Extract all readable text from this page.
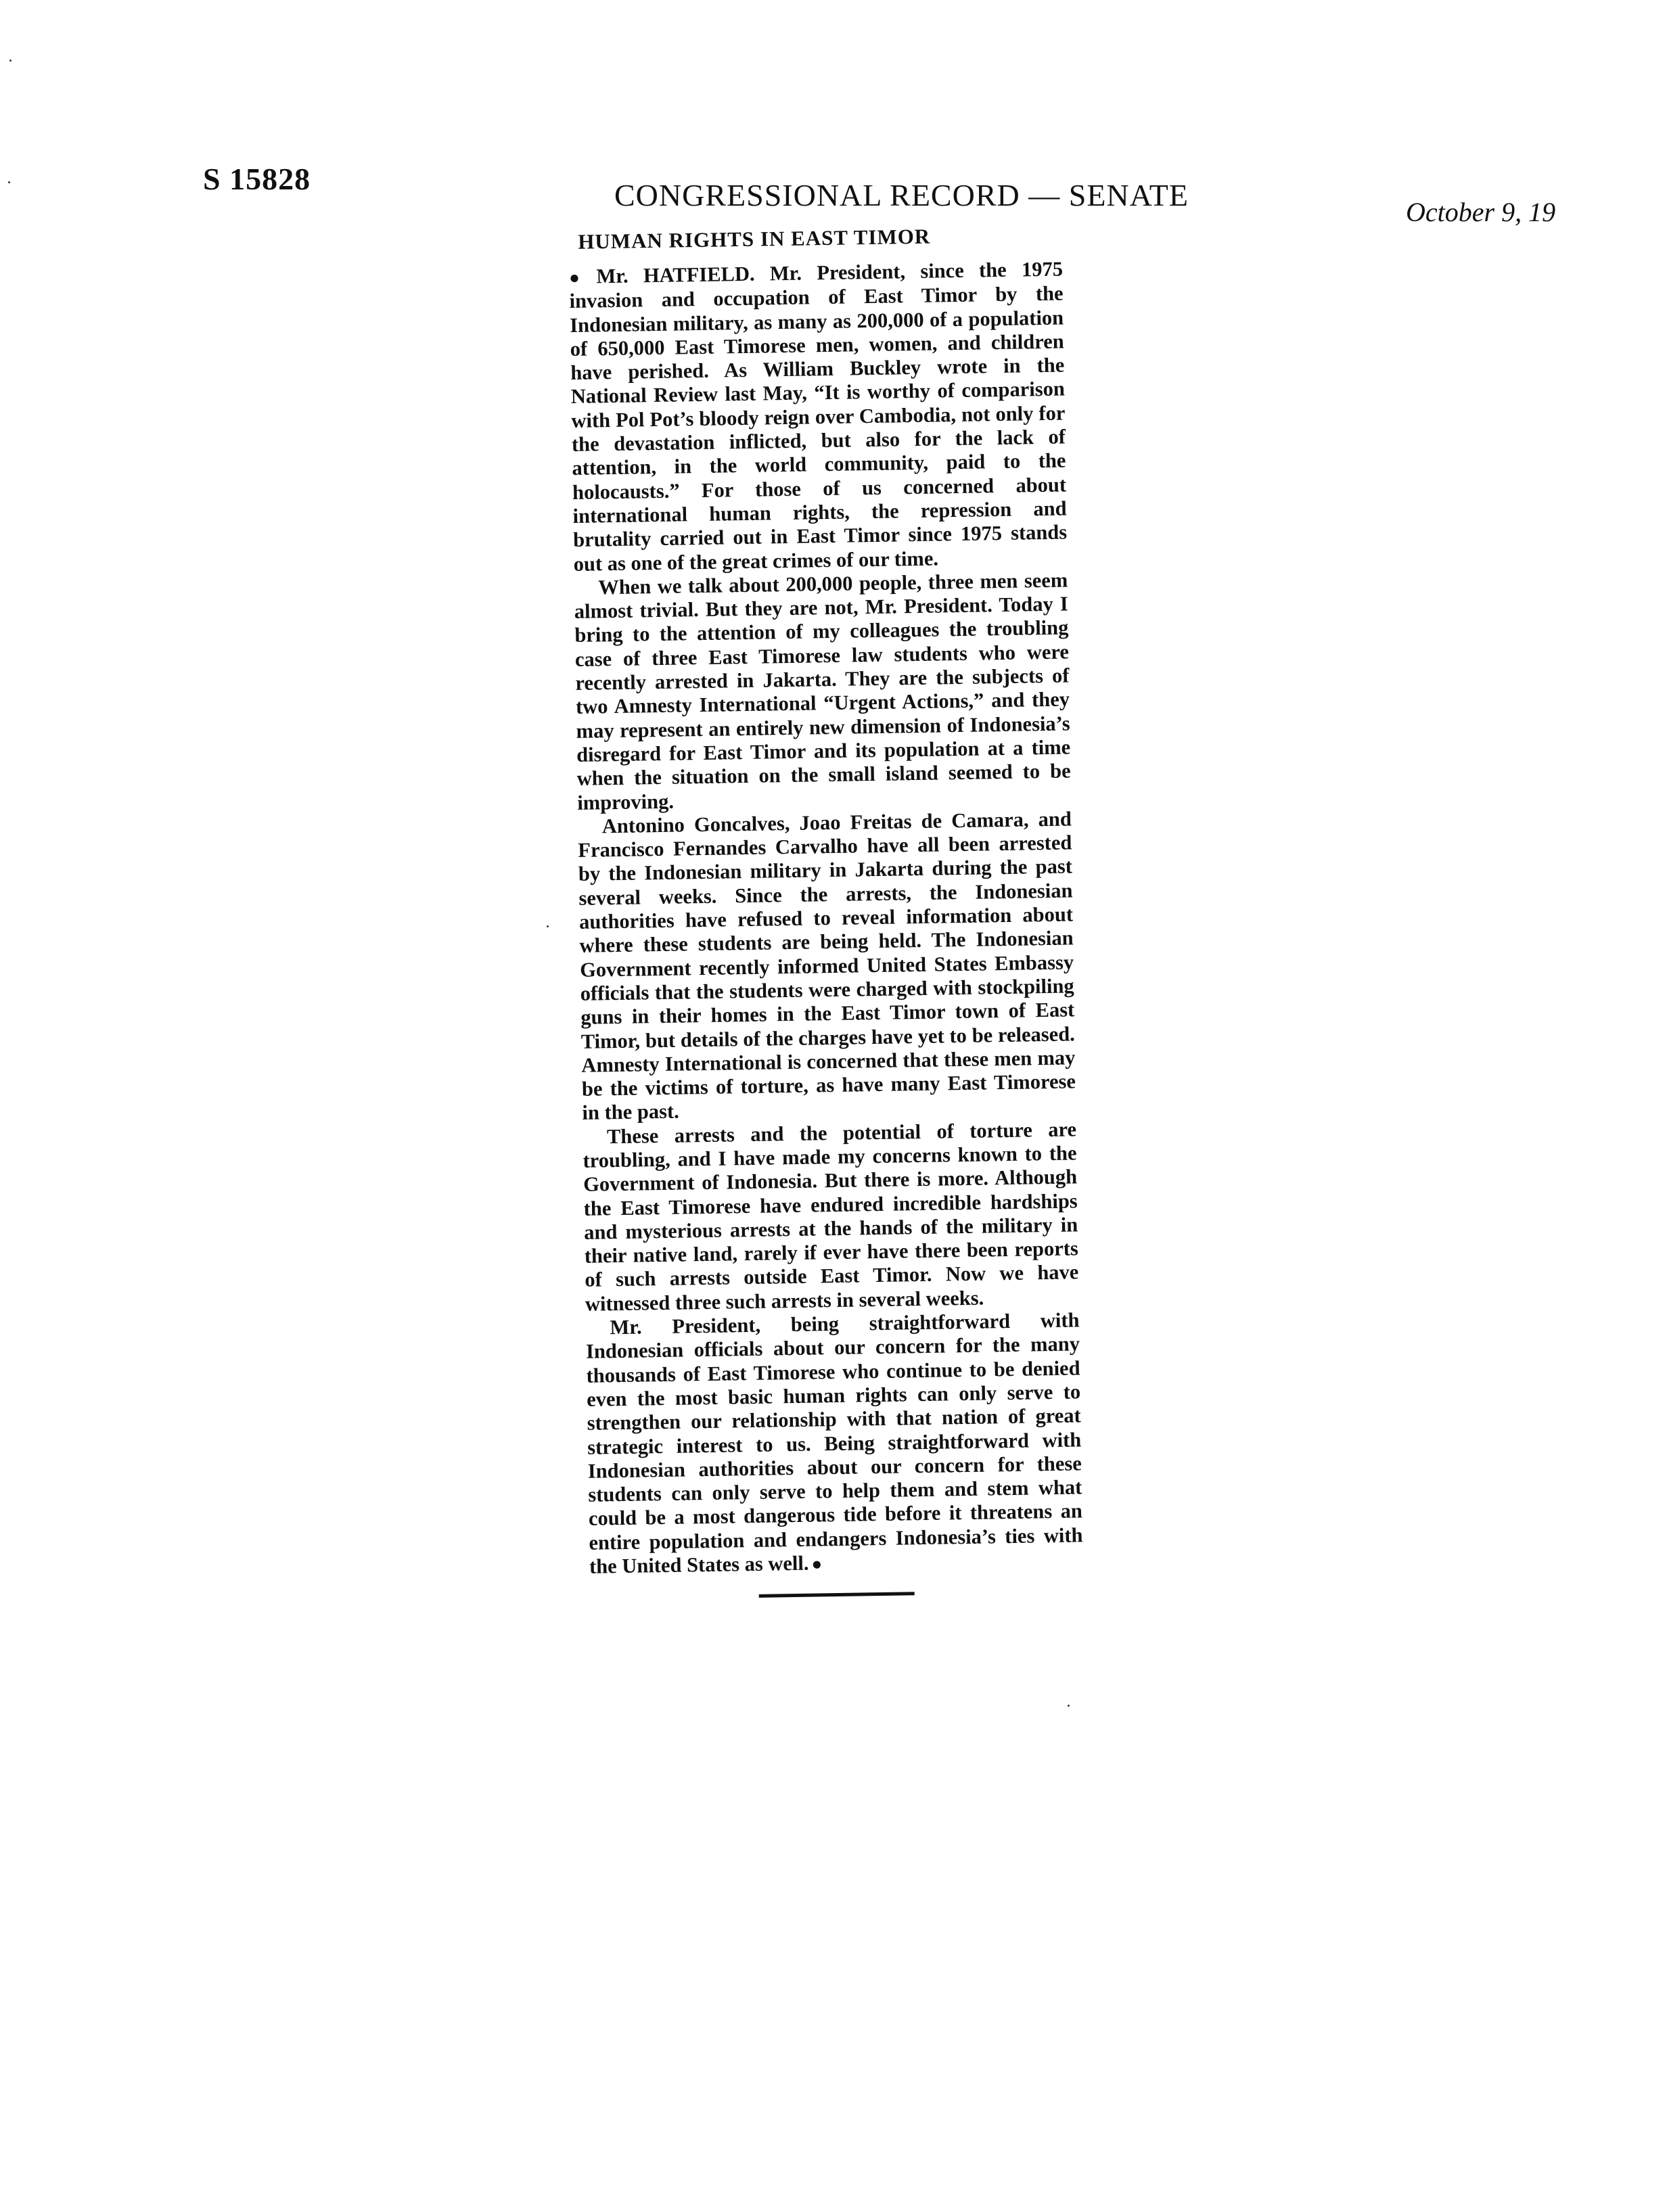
S 15828	CONGRESSIONAL RECORD — SENATE	October 9, 19
HUMAN RIGHTS IN EAST TIMOR

● Mr. HATFIELD. Mr. President, since the 1975 invasion and occupation of East Timor by the Indonesian military, as many as 200,000 of a population of 650,000 East Timorese men, women, and children have perished. As William Buckley wrote in the National Review last May, “It is worthy of comparison with Pol Pot’s bloody reign over Cambodia, not only for the devastation inflicted, but also for the lack of attention, in the world community, paid to the holocausts.” For those of us concerned about international human rights, the repression and brutality carried out in East Timor since 1975 stands out as one of the great crimes of our time.

When we talk about 200,000 people, three men seem almost trivial. But they are not, Mr. President. Today I bring to the attention of my colleagues the troubling case of three East Timorese law students who were recently arrested in Jakarta. They are the subjects of two Amnesty International “Urgent Actions,” and they may represent an entirely new dimension of Indonesia’s disregard for East Timor and its population at a time when the situation on the small island seemed to be improving.

Antonino Goncalves, Joao Freitas de Camara, and Francisco Fernandes Carvalho have all been arrested by the Indonesian military in Jakarta during the past several weeks. Since the arrests, the Indonesian authorities have refused to reveal information about where these students are being held. The Indonesian Government recently informed United States Embassy officials that the students were charged with stockpiling guns in their homes in the East Timor town of East Timor, but details of the charges have yet to be released. Amnesty International is concerned that these men may be the victims of torture, as have many East Timorese in the past.

These arrests and the potential of torture are troubling, and I have made my concerns known to the Government of Indonesia. But there is more. Although the East Timorese have endured incredible hardships and mysterious arrests at the hands of the military in their native land, rarely if ever have there been reports of such arrests outside East Timor. Now we have witnessed three such arrests in several weeks.

Mr. President, being straightforward with Indonesian officials about our concern for the many thousands of East Timorese who continue to be denied even the most basic human rights can only serve to strengthen our relationship with that nation of great strategic interest to us. Being straightforward with Indonesian authorities about our concern for these students can only serve to help them and stem what could be a most dangerous tide before it threatens an entire population and endangers Indonesia’s ties with the United States as well. ●
